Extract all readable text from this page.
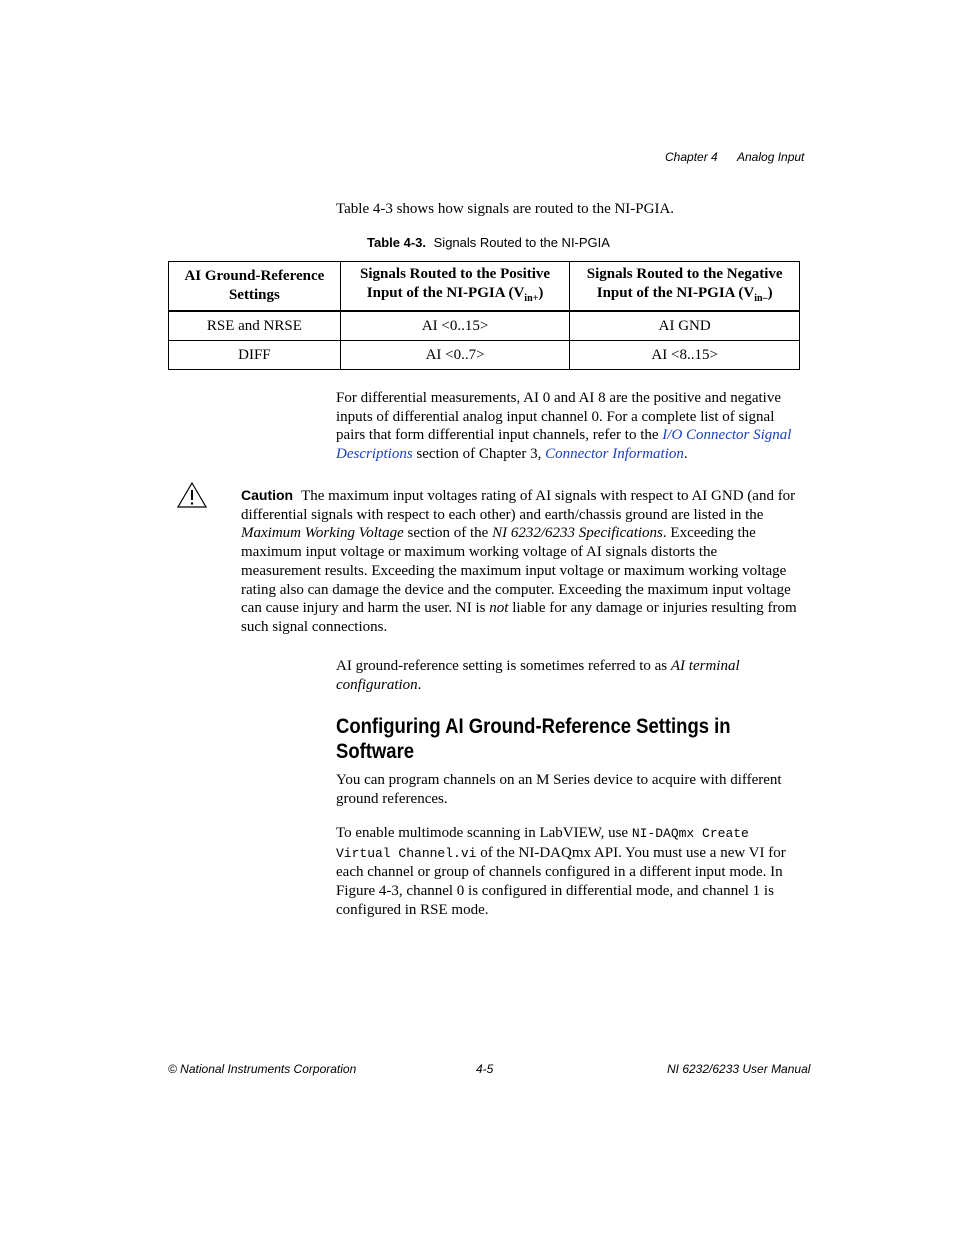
Chapter 4 Analog Input
Table 4-3 shows how signals are routed to the NI-PGIA.
Table 4-3. Signals Routed to the NI-PGIA
AI Ground-Reference Settings	Signals Routed to the Positive Input of the NI-PGIA $(V_{in+})$	Signals Routed to the Negative Input of the NI-PGIA $(V_{in-})$

RSE and NRSE	AI <0..15>	AI GND
DIFF	AI <0..7>	AI <8..15>
For differential measurements, AI 0 and AI 8 are the positive and negative inputs of differential analog input channel 0. For a complete list of signal pairs that form differential input channels, refer to the I/O Connector Signal Descriptions section of Chapter 3, Connector Information.
Caution The maximum input voltages rating of AI signals with respect to AI GND (and for differential signals with respect to each other) and earth/chassis ground are listed in the Maximum Working Voltage section of the NI 6232/6233 Specifications. Exceeding the maximum input voltage or maximum working voltage of AI signals distorts the measurement results. Exceeding the maximum input voltage or maximum working voltage rating also can damage the device and the computer. Exceeding the maximum input voltage can cause injury and harm the user. NI is not liable for any damage or injuries resulting from such signal connections.
AI ground-reference setting is sometimes referred to as AI terminal configuration.
Configuring AI Ground-Reference Settings in Software
You can program channels on an M Series device to acquire with different ground references.
To enable multimode scanning in LabVIEW, use NI-DAQmx Create Virtual Channel.vi of the NI-DAQmx API. You must use a new VI for each channel or group of channels configured in a different input mode. In Figure 4-3, channel 0 is configured in differential mode, and channel 1 is configured in RSE mode.
© National Instruments Corporation	4-5	NI 6232/6233 User Manual
